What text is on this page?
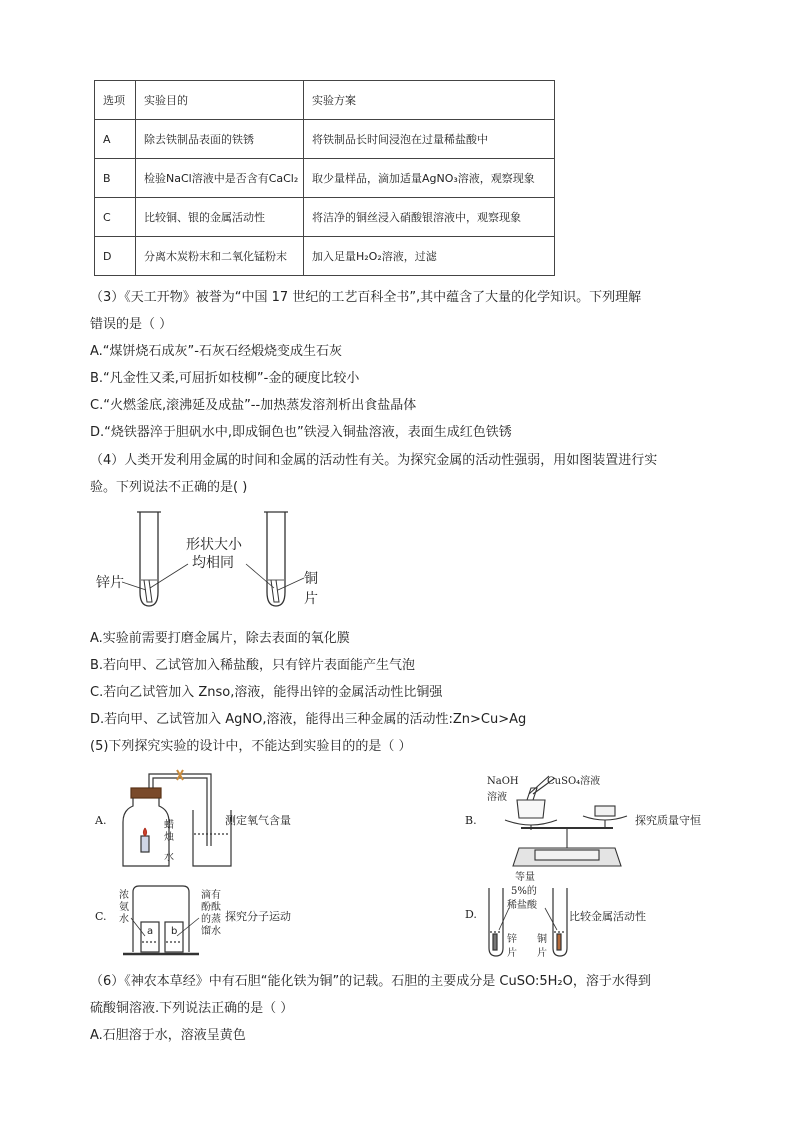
选项	实验目的	实验方案
A	除去铁制品表面的铁锈	将铁制品长时间浸泡在过量稀盐酸中
B	检验NaCl溶液中是否含有CaCl₂	取少量样品，滴加适量AgNO₃溶液，观察现象
C	比较铜、银的金属活动性	将洁净的铜丝浸入硝酸银溶液中，观察现象
D	分离木炭粉末和二氧化锰粉末	加入足量H₂O₂溶液，过滤
（3）《天工开物》被誉为“中国 17 世纪的工艺百科全书”,其中蕴含了大量的化学知识。下列理解
错误的是（ ）
A.“煤饼烧石成灰”-石灰石经煅烧变成生石灰
B.“凡金性又柔,可屈折如枝柳”-金的硬度比较小
C.“火燃釜底,滚沸延及成盐”--加热蒸发溶剂析出食盐晶体
D.“烧铁器淬于胆矾水中,即成铜色也”铁浸入铜盐溶液，表面生成红色铁锈
（4）人类开发利用金属的时间和金属的活动性有关。为探究金属的活动性强弱，用如图装置进行实
验。下列说法不正确的是( )
锌片
形状大小
均相同
铜片
A.实验前需要打磨金属片，除去表面的氧化膜
B.若向甲、乙试管加入稀盐酸，只有锌片表面能产生气泡
C.若向乙试管加入 Znso,溶液，能得出锌的金属活动性比铜强
D.若向甲、乙试管加入 AgNO,溶液，能得出三种金属的活动性:Zn>Cu>Ag
(5)下列探究实验的设计中，不能达到实验目的的是（ ）
A.	蜡
烛
水
测定氧气含量	B.
NaOH
溶液
CuSO₄溶液
探究质量守恒
C.
浓
氨
水
a b
滴有
酚酞
的蒸
馏水
探究分子运动	D.
等量
5%的
稀盐酸
锌
片
铜
片
比较金属活动性
（6）《神农本草经》中有石胆“能化铁为铜”的记载。石胆的主要成分是 CuSO:5H₂O，溶于水得到
硫酸铜溶液.下列说法正确的是（ ）
A.石胆溶于水，溶液呈黄色
